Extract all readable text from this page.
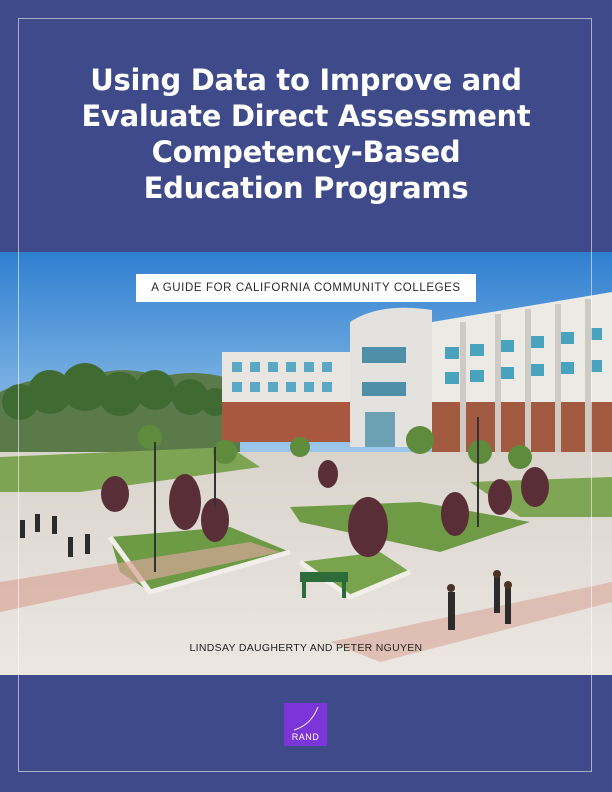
Using Data to Improve and
Evaluate Direct Assessment
Competency-Based
Education Programs
A GUIDE FOR CALIFORNIA COMMUNITY COLLEGES
LINDSAY DAUGHERTY AND PETER NGUYEN
RAND
